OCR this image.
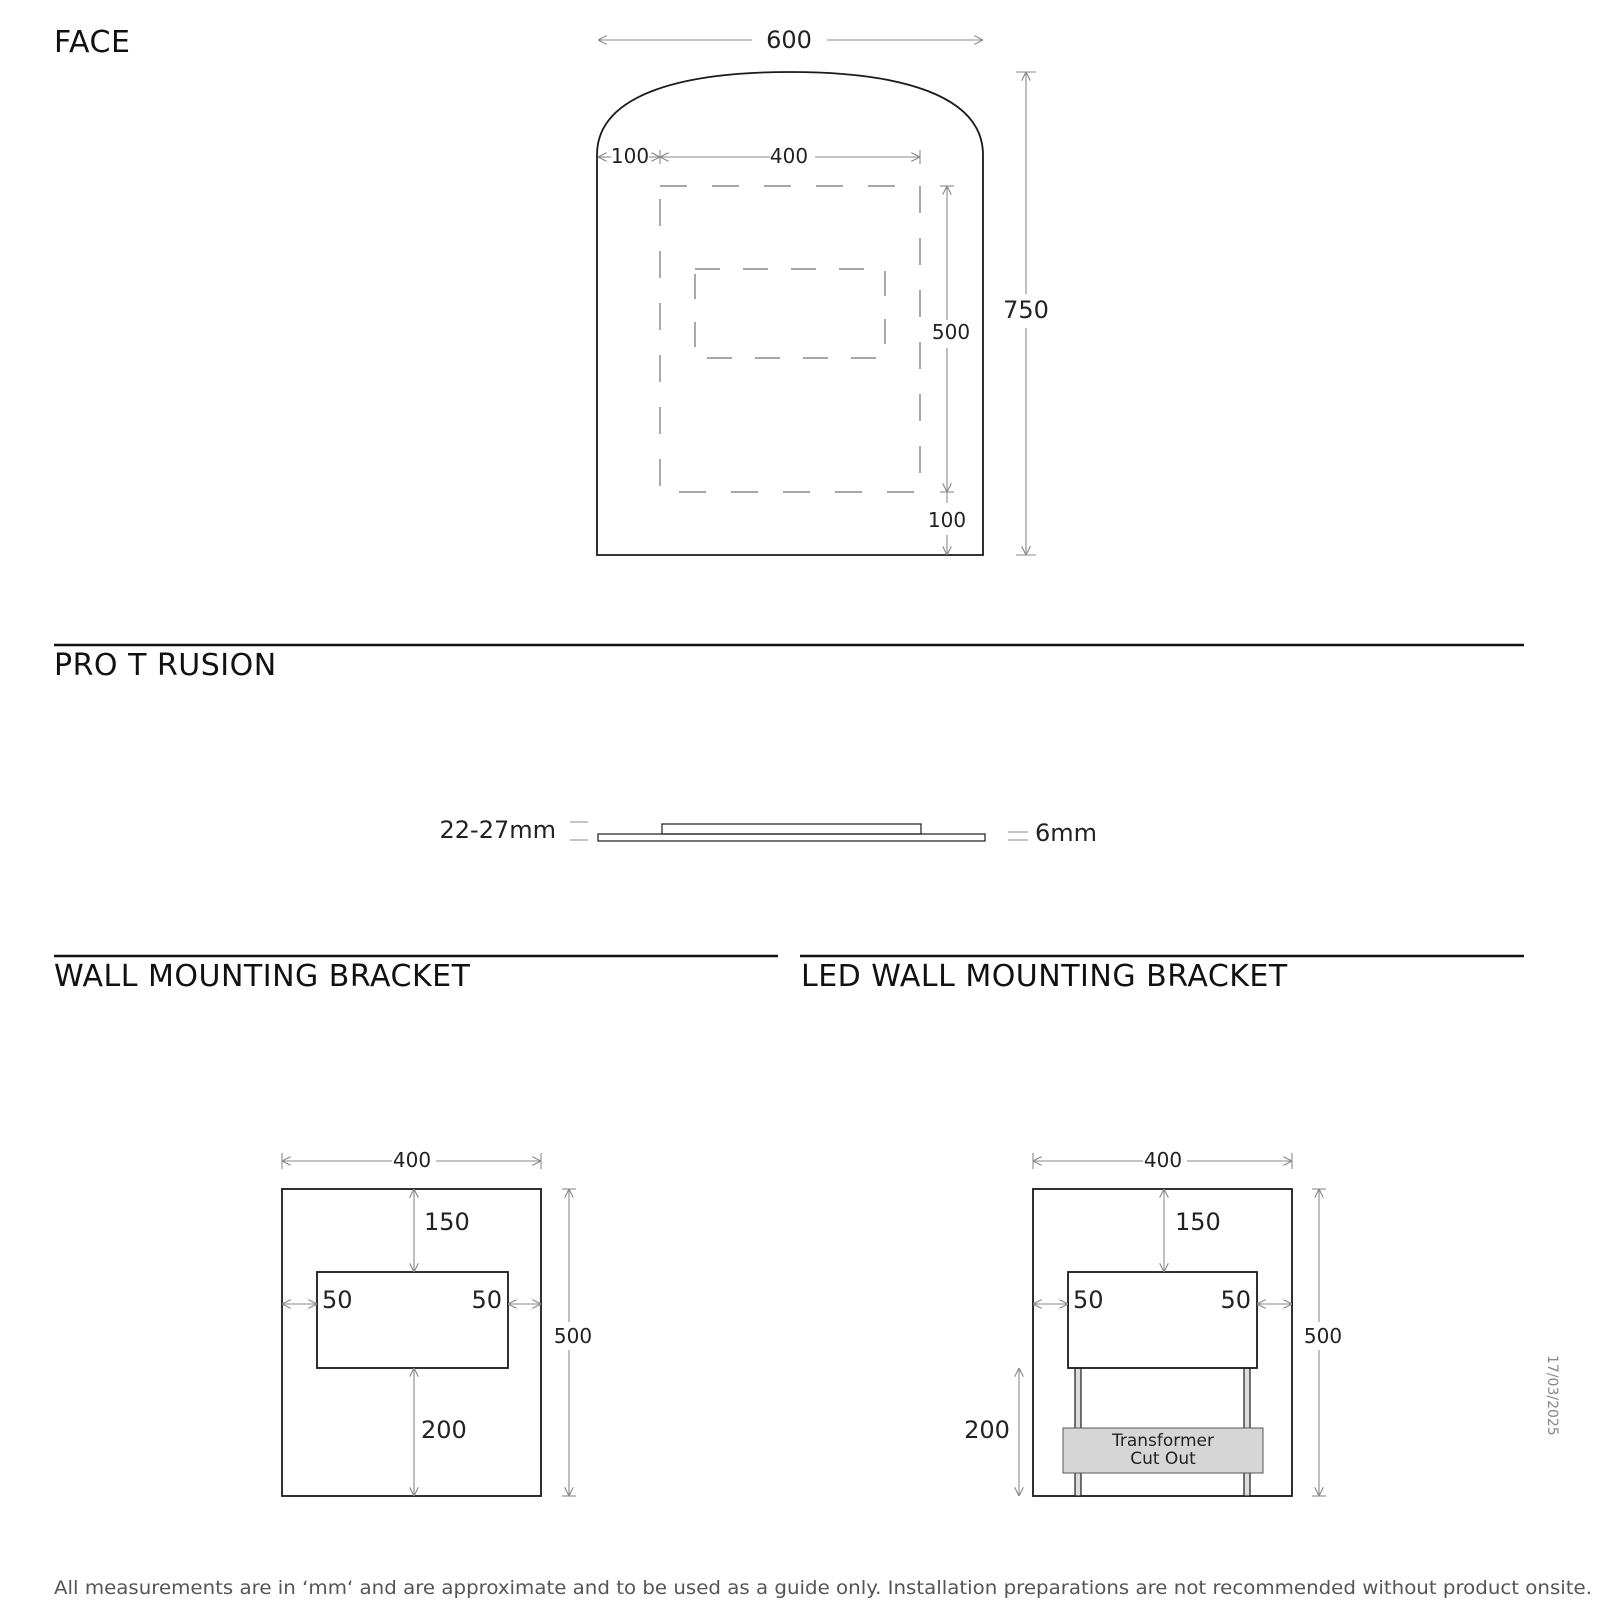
FACE	600
750
100	400
500
100
PRO T RUSION
22-27mm	6mm
WALL MOUNTING BRACKET
400
150
50	50
200
500
LED WALL MOUNTING BRACKET
400
Transformer
Cut Out
150
50	50
200
500
17/03/2025
All measurements are in ‘mm‘ and are approximate and to be used as a guide only. Installation preparations are not recommended without product onsite.
